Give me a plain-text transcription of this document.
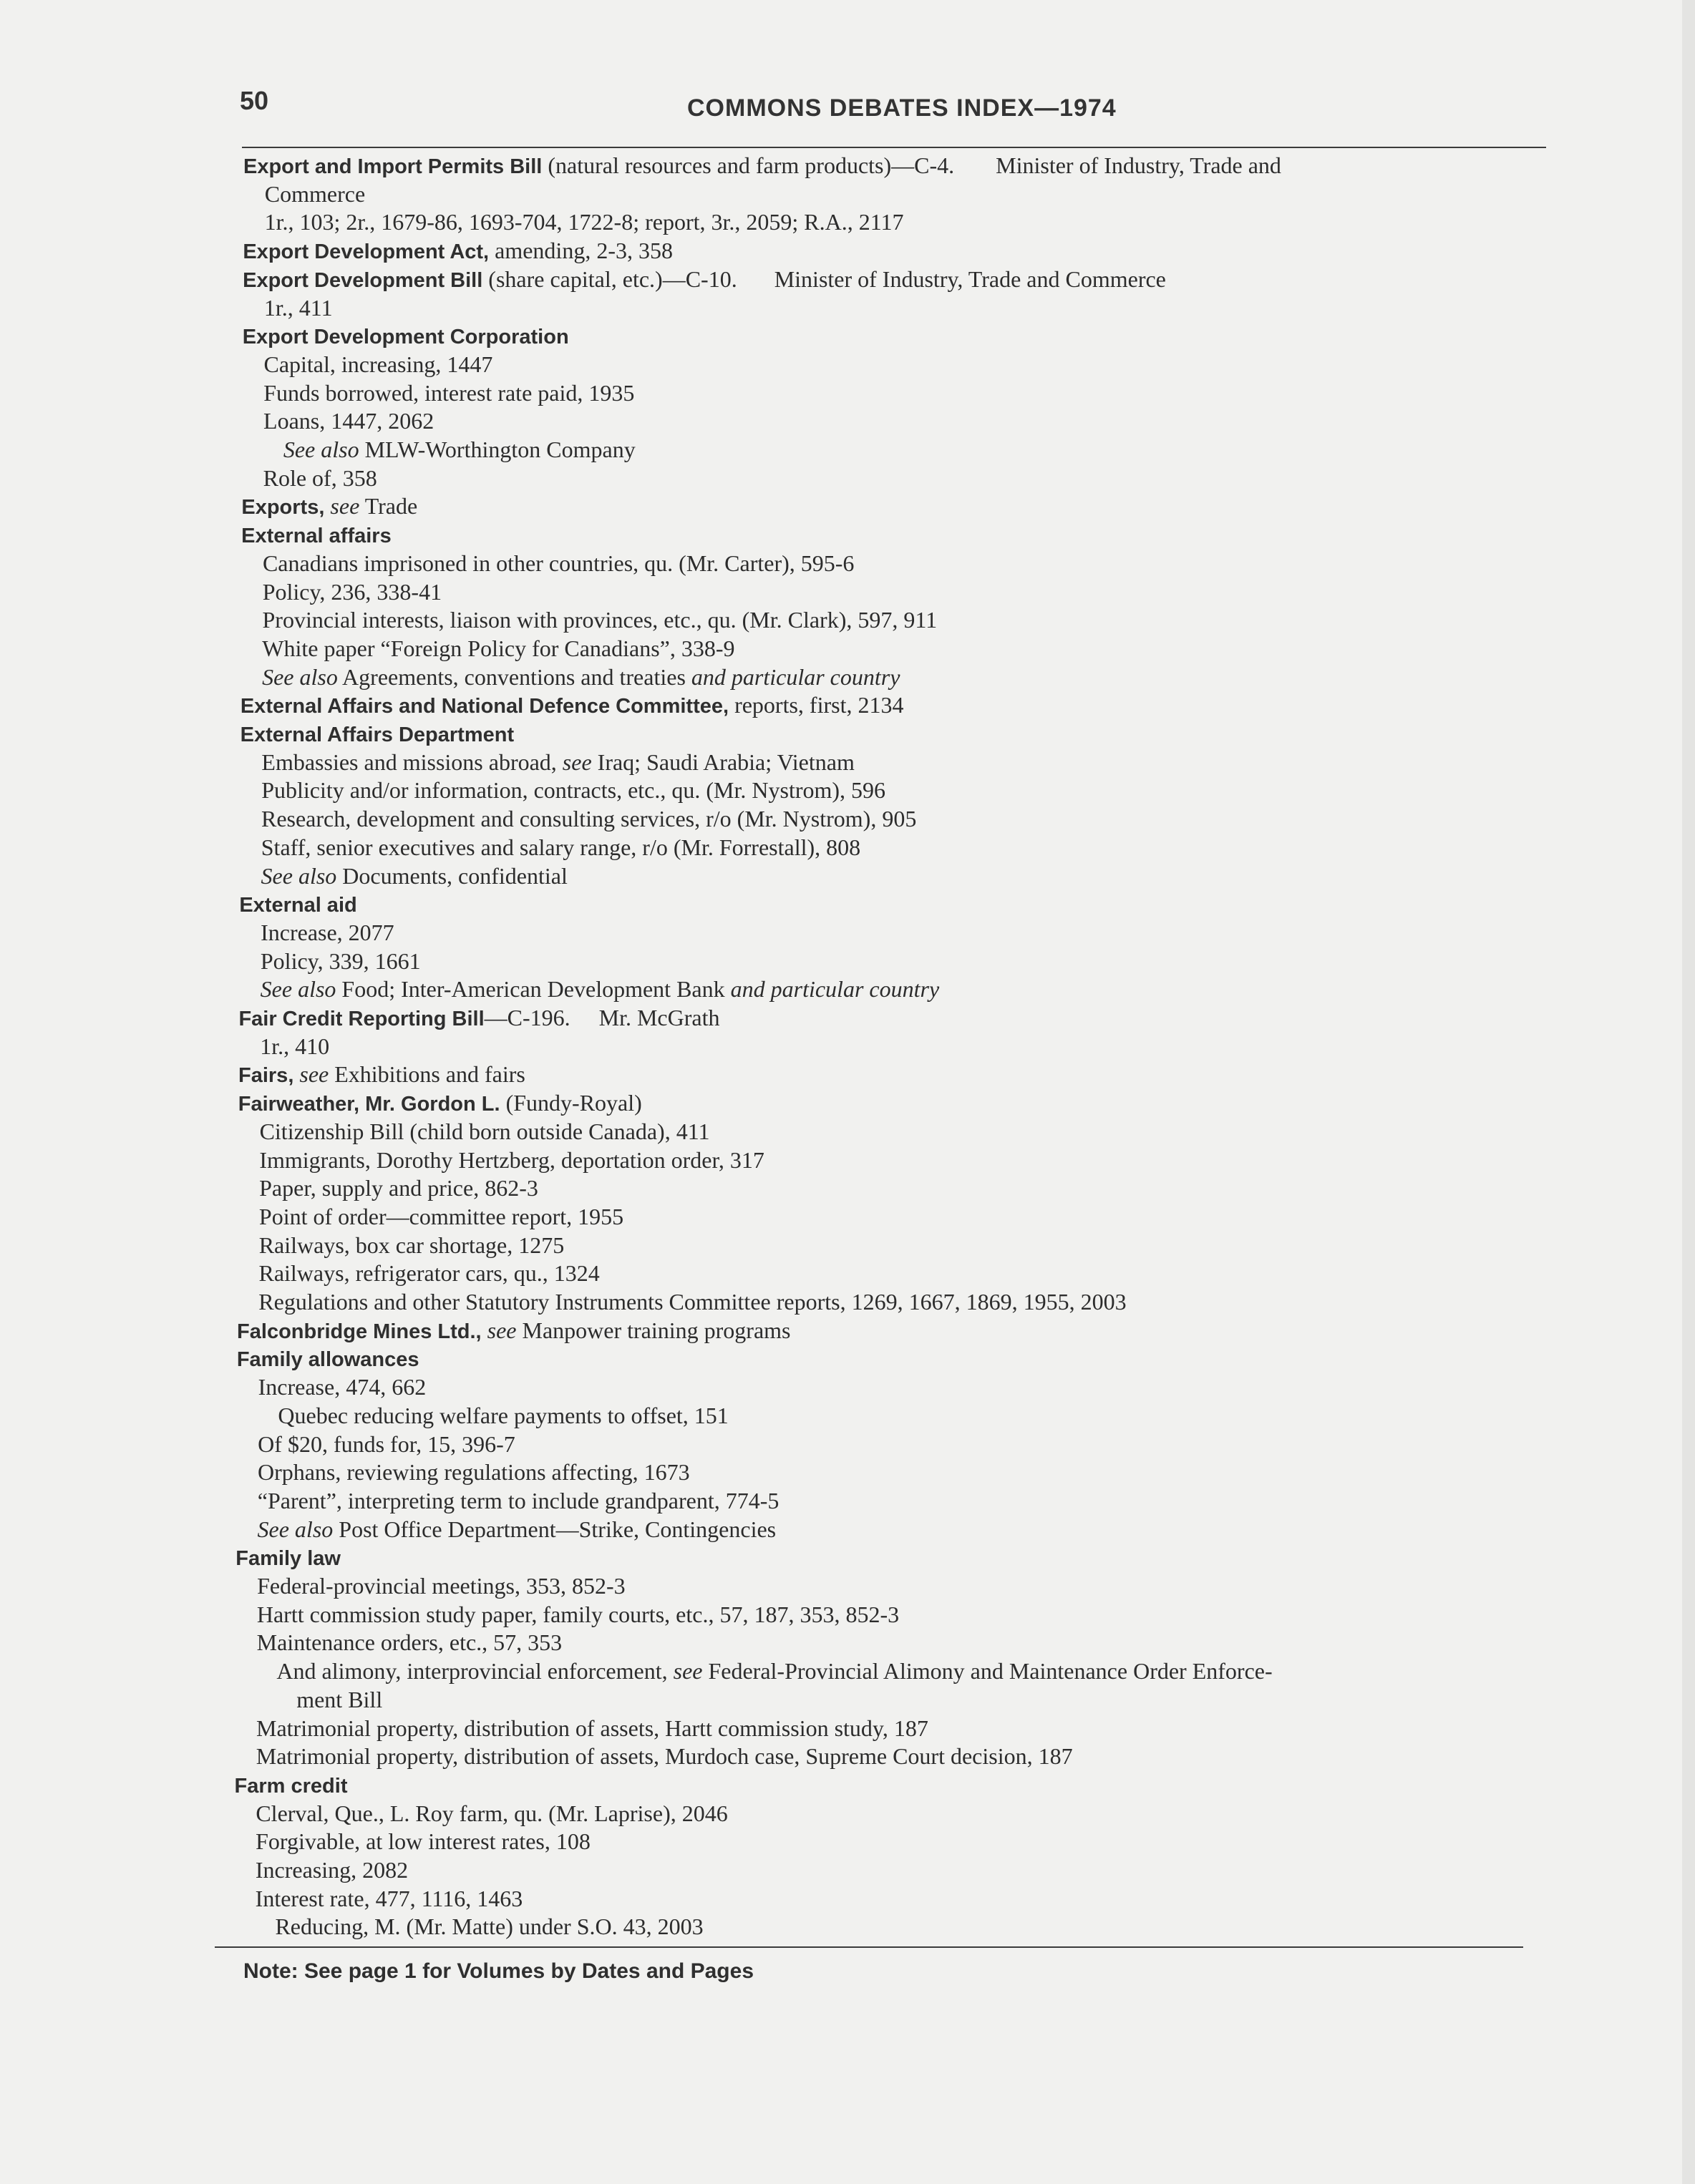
50	COMMONS DEBATES INDEX—1974
Export and Import Permits Bill (natural resources and farm products)—C-4. Minister of Industry, Trade and
Commerce
1r., 103; 2r., 1679-86, 1693-704, 1722-8; report, 3r., 2059; R.A., 2117
Export Development Act, amending, 2-3, 358
Export Development Bill (share capital, etc.)—C-10. Minister of Industry, Trade and Commerce
1r., 411
Export Development Corporation
Capital, increasing, 1447
Funds borrowed, interest rate paid, 1935
Loans, 1447, 2062
See also MLW-Worthington Company
Role of, 358
Exports, see Trade
External affairs
Canadians imprisoned in other countries, qu. (Mr. Carter), 595-6
Policy, 236, 338-41
Provincial interests, liaison with provinces, etc., qu. (Mr. Clark), 597, 911
White paper “Foreign Policy for Canadians”, 338-9
See also Agreements, conventions and treaties and particular country
External Affairs and National Defence Committee, reports, first, 2134
External Affairs Department
Embassies and missions abroad, see Iraq; Saudi Arabia; Vietnam
Publicity and/or information, contracts, etc., qu. (Mr. Nystrom), 596
Research, development and consulting services, r/o (Mr. Nystrom), 905
Staff, senior executives and salary range, r/o (Mr. Forrestall), 808
See also Documents, confidential
External aid
Increase, 2077
Policy, 339, 1661
See also Food; Inter-American Development Bank and particular country
Fair Credit Reporting Bill—C-196. Mr. McGrath
1r., 410
Fairs, see Exhibitions and fairs
Fairweather, Mr. Gordon L. (Fundy-Royal)
Citizenship Bill (child born outside Canada), 411
Immigrants, Dorothy Hertzberg, deportation order, 317
Paper, supply and price, 862-3
Point of order—committee report, 1955
Railways, box car shortage, 1275
Railways, refrigerator cars, qu., 1324
Regulations and other Statutory Instruments Committee reports, 1269, 1667, 1869, 1955, 2003
Falconbridge Mines Ltd., see Manpower training programs
Family allowances
Increase, 474, 662
Quebec reducing welfare payments to offset, 151
Of $20, funds for, 15, 396-7
Orphans, reviewing regulations affecting, 1673
“Parent”, interpreting term to include grandparent, 774-5
See also Post Office Department—Strike, Contingencies
Family law
Federal-provincial meetings, 353, 852-3
Hartt commission study paper, family courts, etc., 57, 187, 353, 852-3
Maintenance orders, etc., 57, 353
And alimony, interprovincial enforcement, see Federal-Provincial Alimony and Maintenance Order Enforce-
ment Bill
Matrimonial property, distribution of assets, Hartt commission study, 187
Matrimonial property, distribution of assets, Murdoch case, Supreme Court decision, 187
Farm credit
Clerval, Que., L. Roy farm, qu. (Mr. Laprise), 2046
Forgivable, at low interest rates, 108
Increasing, 2082
Interest rate, 477, 1116, 1463
Reducing, M. (Mr. Matte) under S.O. 43, 2003
Note: See page 1 for Volumes by Dates and Pages
